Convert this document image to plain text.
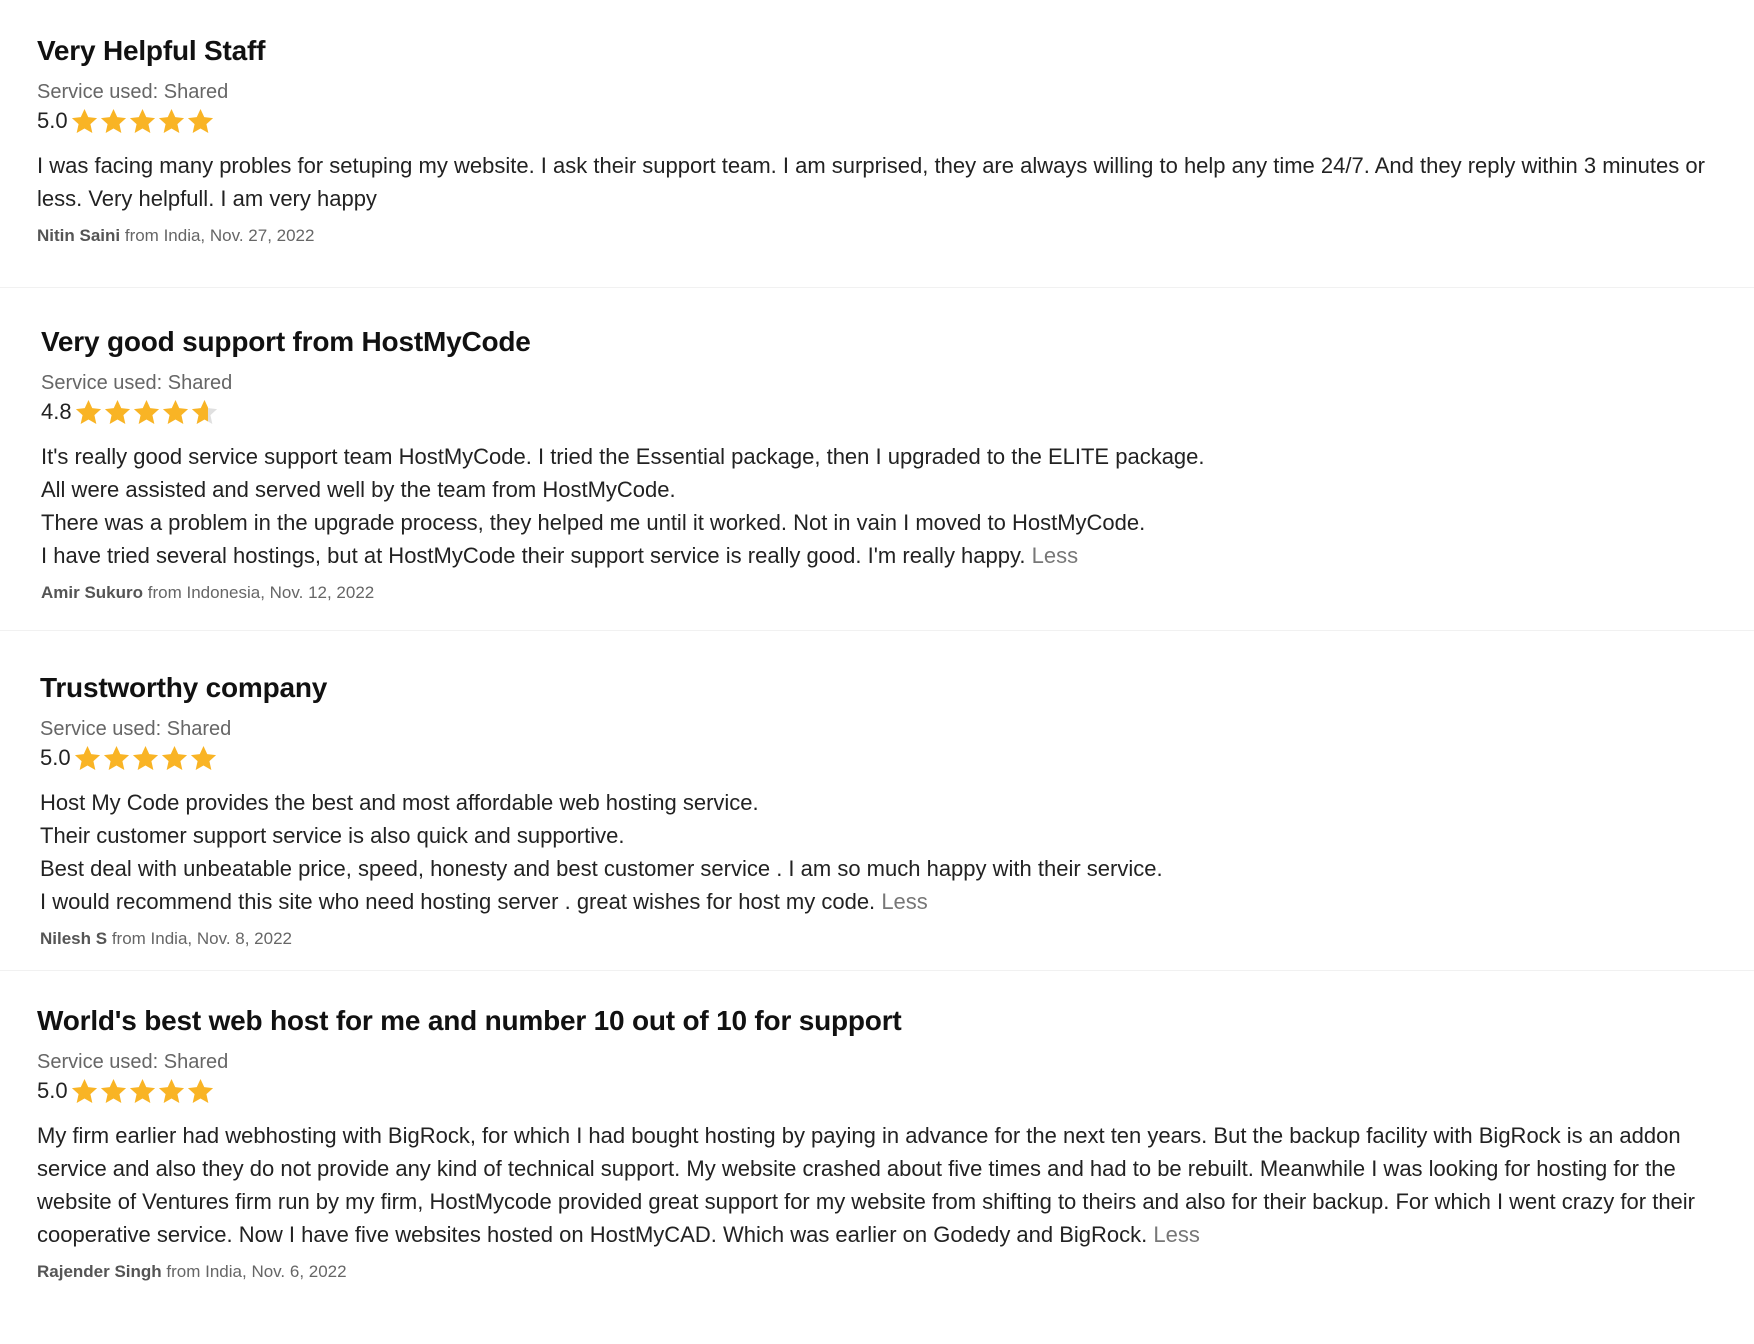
Very Helpful Staff
Service used: Shared
5.0
I was facing many probles for setuping my website. I ask their support team. I am surprised, they are always willing to help any time 24/7. And they reply within 3 minutes or less. Very helpfull. I am very happy
Nitin Saini from India, Nov. 27, 2022
Very good support from HostMyCode
Service used: Shared
4.8
It's really good service support team HostMyCode. I tried the Essential package, then I upgraded to the ELITE package.
All were assisted and served well by the team from HostMyCode.
There was a problem in the upgrade process, they helped me until it worked. Not in vain I moved to HostMyCode.
I have tried several hostings, but at HostMyCode their support service is really good. I'm really happy. Less
Amir Sukuro from Indonesia, Nov. 12, 2022
Trustworthy company
Service used: Shared
5.0
Host My Code provides the best and most affordable web hosting service.
Their customer support service is also quick and supportive.
Best deal with unbeatable price, speed, honesty and best customer service . I am so much happy with their service.
I would recommend this site who need hosting server . great wishes for host my code. Less
Nilesh S from India, Nov. 8, 2022
World's best web host for me and number 10 out of 10 for support
Service used: Shared
5.0
My firm earlier had webhosting with BigRock, for which I had bought hosting by paying in advance for the next ten years. But the backup facility with BigRock is an addon service and also they do not provide any kind of technical support. My website crashed about five times and had to be rebuilt. Meanwhile I was looking for hosting for the website of Ventures firm run by my firm, HostMycode provided great support for my website from shifting to theirs and also for their backup. For which I went crazy for their cooperative service. Now I have five websites hosted on HostMyCAD. Which was earlier on Godedy and BigRock. Less
Rajender Singh from India, Nov. 6, 2022
